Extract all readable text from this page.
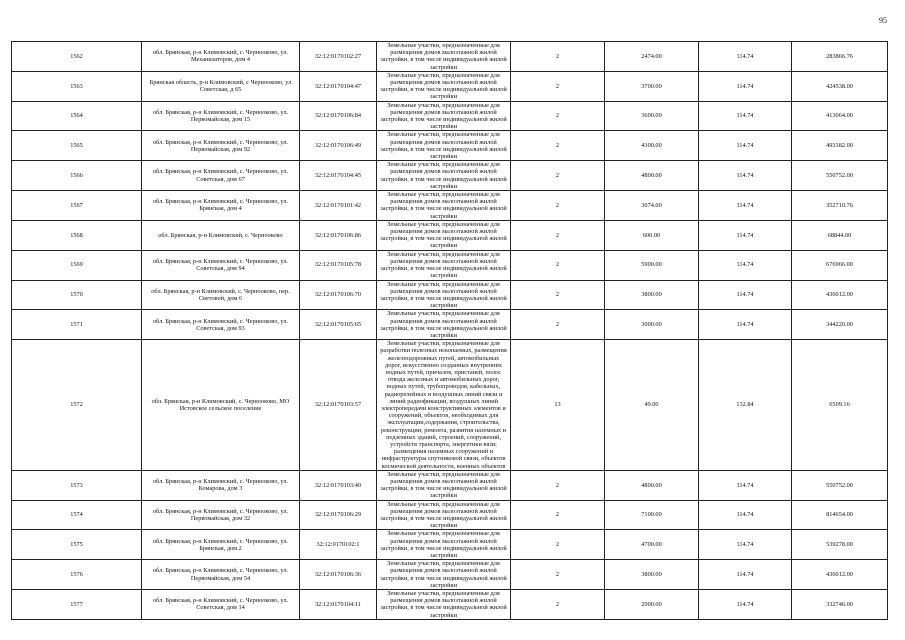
95
1562	обл. Брянская, р-н Климовский, с. Чернооково, ул. Механизаторов, дом 4	32:12:0170102:27	Земельные участки, предназначенные для размещения домов малоэтажной жилой застройки, в том числе индивидуальной жилой застройки	2	2474.00	114.74	283866.76
1563	Брянская область, р-н Климовский, с Чернооково, ул Советская, д 65	32:12:0170104:47	Земельные участки, предназначенные для размещения домов малоэтажной жилой застройки, в том числе индивидуальной жилой застройки	2	3700.00	114.74	424538.00
1564	обл. Брянская, р-н Климовский, с. Чернооково, ул. Первомайская, дом 15	32:12:0170106:84	Земельные участки, предназначенные для размещения домов малоэтажной жилой застройки, в том числе индивидуальной жилой застройки	2	3600.00	114.74	413064.00
1565	обл. Брянская, р-н Климовский, с. Чернооково, ул. Первомайская, дом 92	32:12:0170106:49	Земельные участки, предназначенные для размещения домов малоэтажной жилой застройки, в том числе индивидуальной жилой застройки	2	4300.00	114.74	493382.00
1566	обл. Брянская, р-н Климовский, с. Чернооково, ул. Советская, дом 67	32:12:0170104:45	Земельные участки, предназначенные для размещения домов малоэтажной жилой застройки, в том числе индивидуальной жилой застройки	2	4800.00	114.74	550752.00
1567	обл. Брянская, р-н Климовский, с. Чернооково, ул. Брянская, дом 4	32:12:0170101:42	Земельные участки, предназначенные для размещения домов малоэтажной жилой застройки, в том числе индивидуальной жилой застройки	2	3074.00	114.74	352710.76
1568	обл. Брянская, р-н Климовский, с. Чернооково	32:12:0170106:86	Земельные участки, предназначенные для размещения домов малоэтажной жилой застройки, в том числе индивидуальной жилой застройки	2	600.00	114.74	68844.00
1569	обл. Брянская, р-н Климовский, с. Чернооково, ул. Советская, дом 94	32:12:0170105:78	Земельные участки, предназначенные для размещения домов малоэтажной жилой застройки, в том числе индивидуальной жилой застройки	2	5900.00	114.74	676966.00
1570	обл. Брянская, р-н Климовский, с. Чернооково, пер. Световой, дом 6	32:12:0170106:70	Земельные участки, предназначенные для размещения домов малоэтажной жилой застройки, в том числе индивидуальной жилой застройки	2	3800.00	114.74	436012.00
1571	обл. Брянская, р-н Климовский, с. Чернооково, ул. Советская, дом 93	32:12:0170105:65	Земельные участки, предназначенные для размещения домов малоэтажной жилой застройки, в том числе индивидуальной жилой застройки	2	3000.00	114.74	344220.00
1572	обл. Брянская, р-н Климовский, с. Чернооково, МО Истовское сельское поселение	32:12:0170103:57	Земельные участки, предназначенные для разработки полезных ископаемых, размещения железнодорожных путей, автомобильных дорог, искусственно созданных внутренних водных путей, причалов, пристаней, полос отвода железных и автомобильных дорог, водных путей, трубопроводов, кабельных, радиорелейных и воздушных линий связи и линий радиофикации, воздушных линий электропередачи конструктивных элементов и сооружений, объектов, необходимых для эксплуатации,содержания, строительства, реконструкции, ремонта, развития наземных и подземных зданий, строений, сооружений, устройств транспорта, энергетики вязи; размещения наземных сооружений и инфраструктуры спутниковой связи, объектов космической деятельности, военных объектов	13	49.00	132.84	6509.16
1573	обл. Брянская, р-н Климовский, с. Чернооково, ул. Комарова, дом 3	32:12:0170103:40	Земельные участки, предназначенные для размещения домов малоэтажной жилой застройки, в том числе индивидуальной жилой застройки	2	4800.00	114.74	550752.00
1574	обл. Брянская, р-н Климовский, с. Чернооково, ул. Первомайская, дом 32	32:12:0170106:29	Земельные участки, предназначенные для размещения домов малоэтажной жилой застройки, в том числе индивидуальной жилой застройки	2	7100.00	114.74	814654.00
1575	обл. Брянская, р-н Климовский, с. Чернооково, ул. Брянская, дом 2	32:12:0170102:1	Земельные участки, предназначенные для размещения домов малоэтажной жилой застройки, в том числе индивидуальной жилой застройки	2	4700.00	114.74	539278.00
1576	обл. Брянская, р-н Климовский, с. Чернооково, ул. Первомайская, дом 54	32:12:0170106:36	Земельные участки, предназначенные для размещения домов малоэтажной жилой застройки, в том числе индивидуальной жилой застройки	2	3800.00	114.74	436012.00
1577	обл. Брянская, р-н Климовский, с. Чернооково, ул. Советская, дом 14	32:12:0170104:11	Земельные участки, предназначенные для размещения домов малоэтажной жилой застройки, в том числе индивидуальной жилой застройки	2	2900.00	114.74	332746.00
